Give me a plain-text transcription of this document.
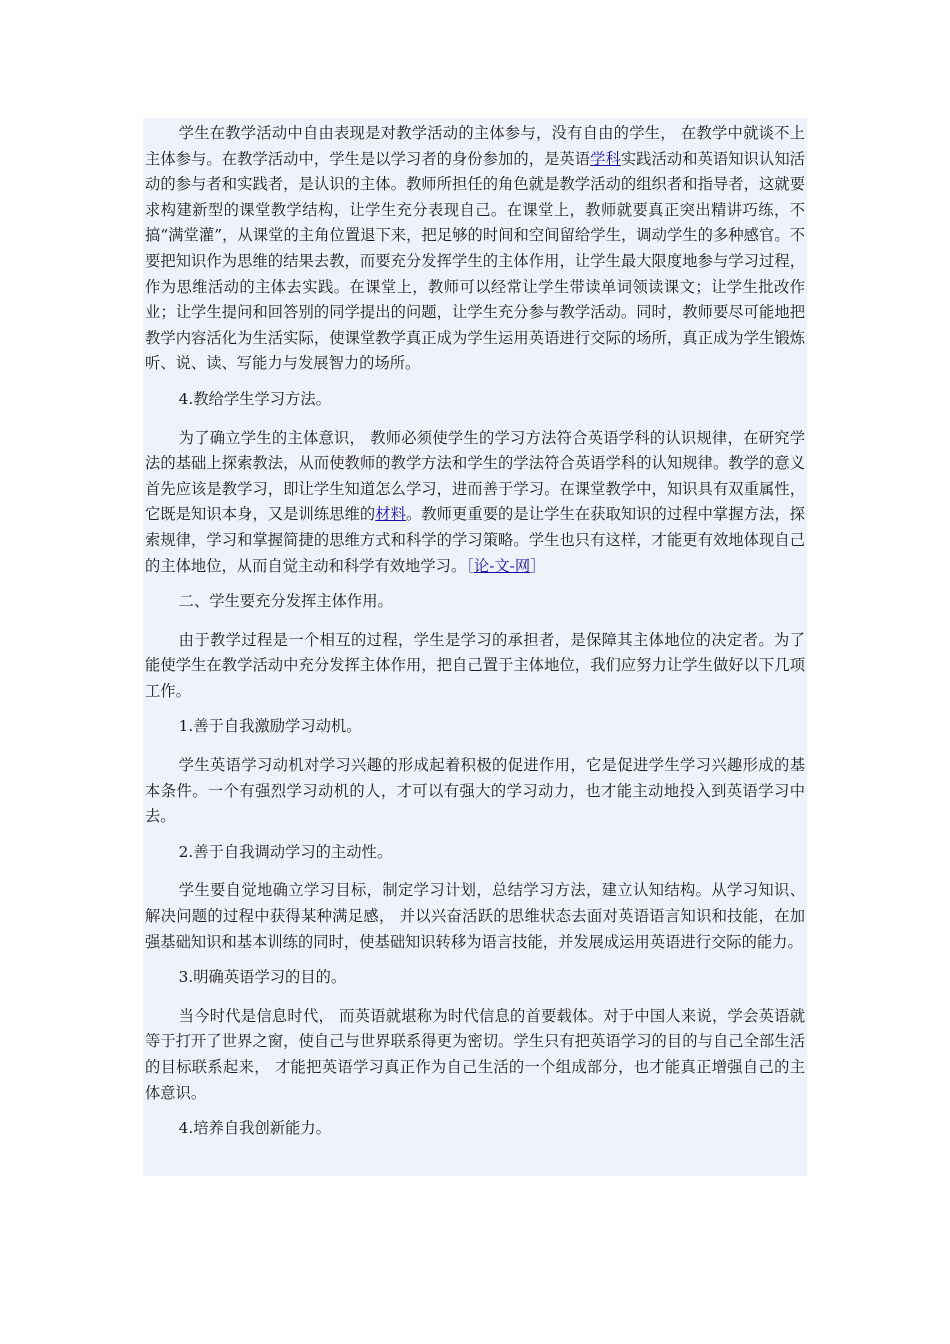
学生在教学活动中自由表现是对教学活动的主体参与，没有自由的学生， 在教学中就谈不上主体参与。在教学活动中，学生是以学习者的身份参加的，是英语学科实践活动和英语知识认知活动的参与者和实践者，是认识的主体。教师所担任的角色就是教学活动的组织者和指导者，这就要求构建新型的课堂教学结构，让学生充分表现自己。在课堂上，教师就要真正突出精讲巧练，不搞“满堂灌”，从课堂的主角位置退下来，把足够的时间和空间留给学生，调动学生的多种感官。不要把知识作为思维的结果去教，而要充分发挥学生的主体作用，让学生最大限度地参与学习过程，作为思维活动的主体去实践。在课堂上，教师可以经常让学生带读单词领读课文；让学生批改作业；让学生提问和回答别的同学提出的问题，让学生充分参与教学活动。同时，教师要尽可能地把教学内容活化为生活实际，使课堂教学真正成为学生运用英语进行交际的场所，真正成为学生锻炼听、说、读、写能力与发展智力的场所。

4.教给学生学习方法。

为了确立学生的主体意识， 教师必须使学生的学习方法符合英语学科的认识规律，在研究学法的基础上探索教法，从而使教师的教学方法和学生的学法符合英语学科的认知规律。教学的意义首先应该是教学习，即让学生知道怎么学习，进而善于学习。在课堂教学中，知识具有双重属性，它既是知识本身，又是训练思维的材料。教师更重要的是让学生在获取知识的过程中掌握方法，探索规律，学习和掌握简捷的思维方式和科学的学习策略。学生也只有这样，才能更有效地体现自己的主体地位，从而自觉主动和科学有效地学习。［论-文-网］

二、学生要充分发挥主体作用。

由于教学过程是一个相互的过程，学生是学习的承担者，是保障其主体地位的决定者。为了能使学生在教学活动中充分发挥主体作用，把自己置于主体地位，我们应努力让学生做好以下几项工作。

1.善于自我激励学习动机。

学生英语学习动机对学习兴趣的形成起着积极的促进作用，它是促进学生学习兴趣形成的基本条件。一个有强烈学习动机的人，才可以有强大的学习动力，也才能主动地投入到英语学习中去。

2.善于自我调动学习的主动性。

学生要自觉地确立学习目标，制定学习计划，总结学习方法，建立认知结构。从学习知识、解决问题的过程中获得某种满足感， 并以兴奋活跃的思维状态去面对英语语言知识和技能，在加强基础知识和基本训练的同时，使基础知识转移为语言技能，并发展成运用英语进行交际的能力。

3.明确英语学习的目的。

当今时代是信息时代， 而英语就堪称为时代信息的首要载体。对于中国人来说，学会英语就等于打开了世界之窗，使自己与世界联系得更为密切。学生只有把英语学习的目的与自己全部生活的目标联系起来， 才能把英语学习真正作为自己生活的一个组成部分，也才能真正增强自己的主体意识。

4.培养自我创新能力。
